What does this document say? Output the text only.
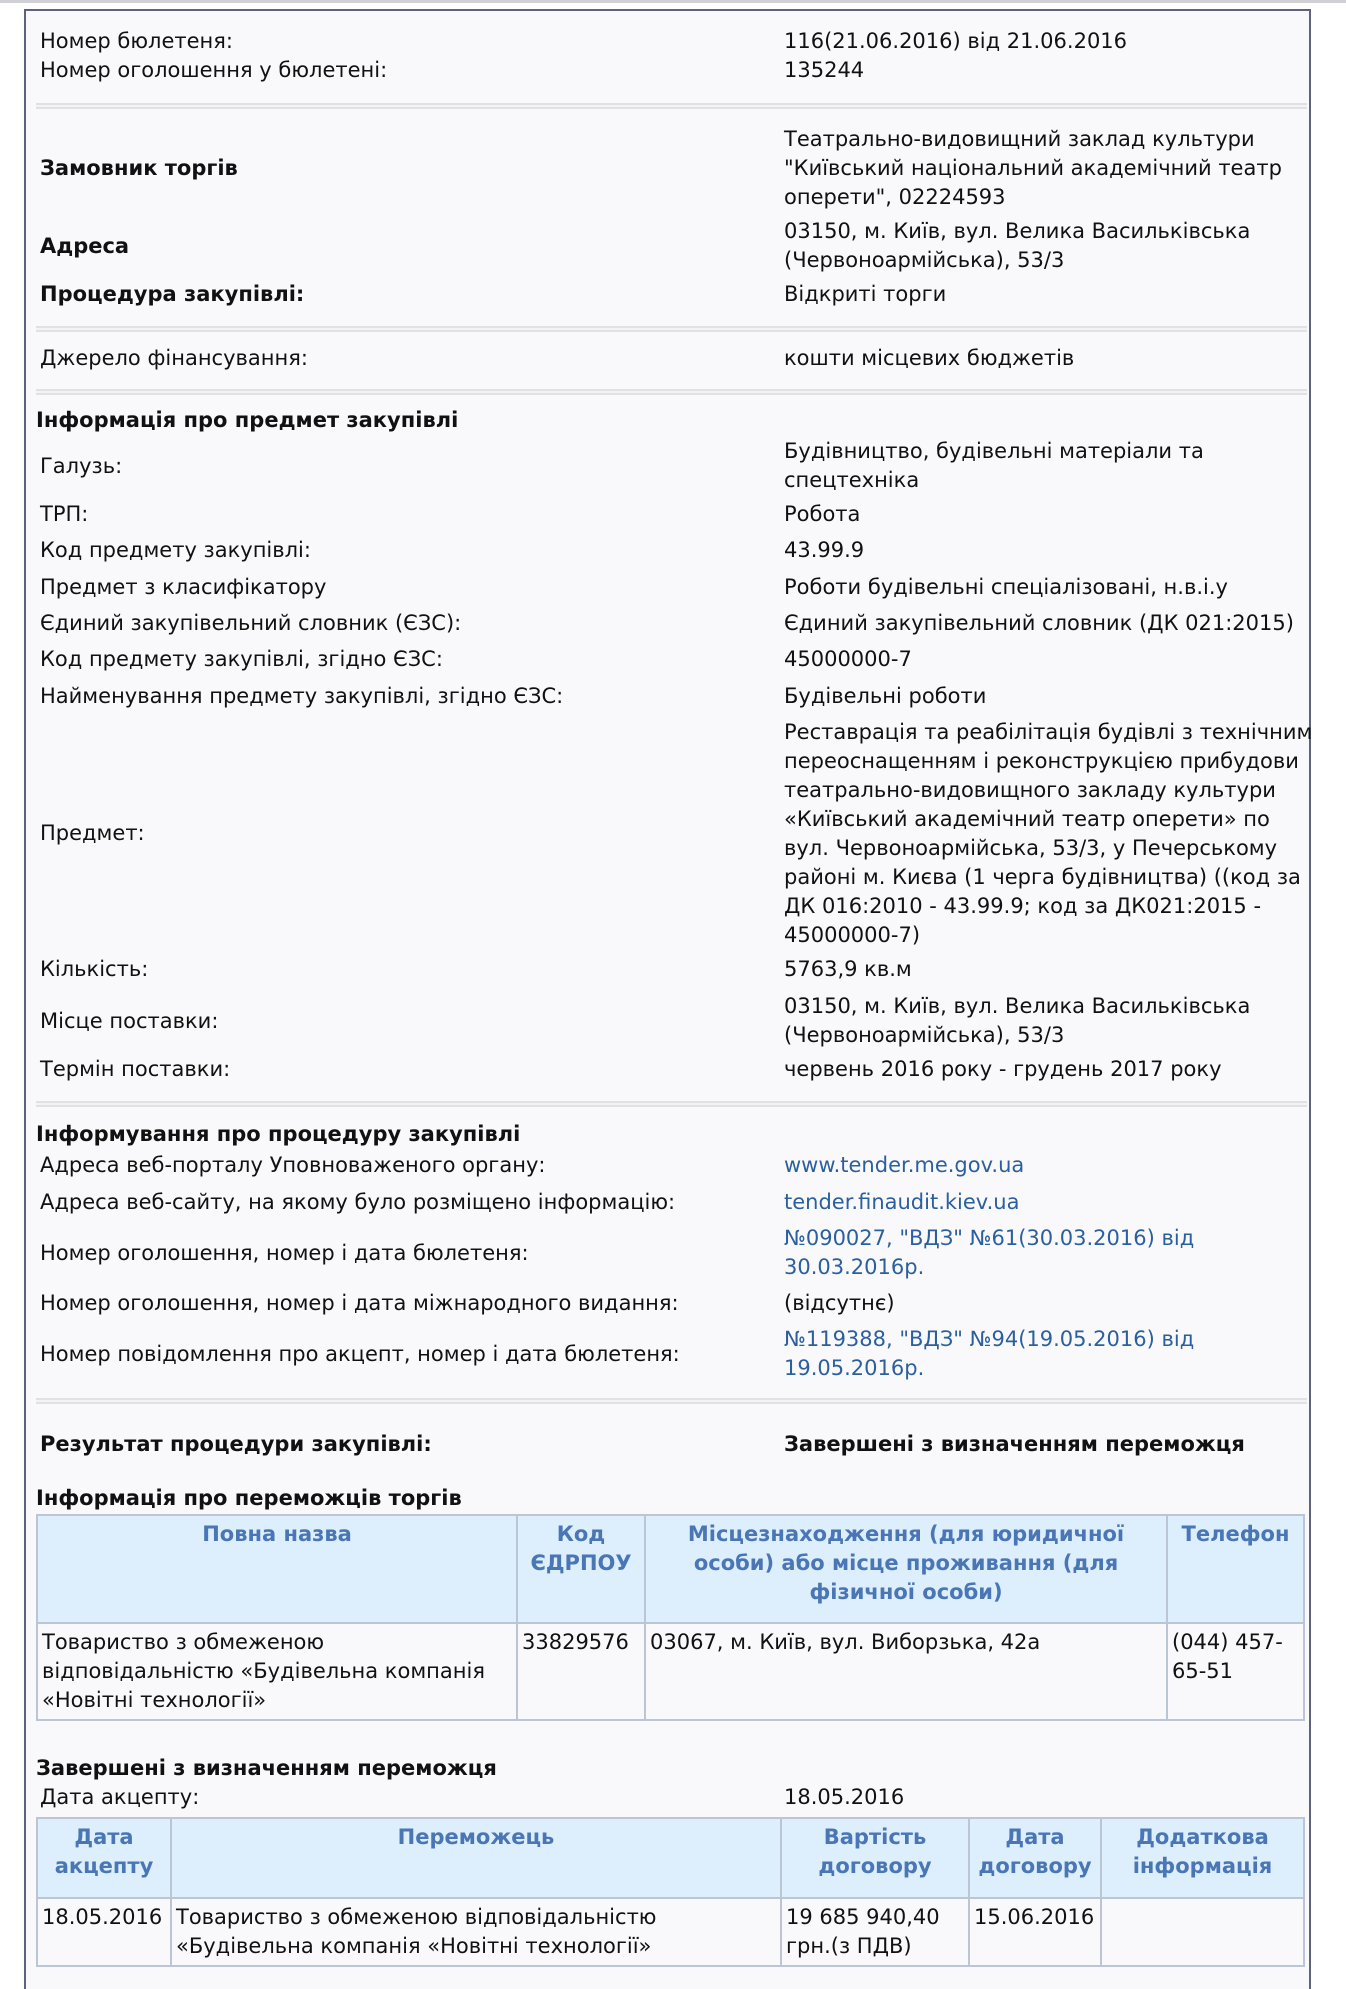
Номер бюлетеня:	116(21.06.2016) від 21.06.2016
Номер оголошення у бюлетені:	135244
Замовник торгів
Театрально-видовищний заклад культури "Київський національний академічний театр оперети", 02224593
Адреса
03150, м. Київ, вул. Велика Васильківська (Червоноармійська), 53/3
Процедура закупівлі:	Відкриті торги
Джерело фінансування:	кошти місцевих бюджетів
Інформація про предмет закупівлі
Галузь:
Будівництво, будівельні матеріали та спецтехніка
ТРП:	Робота
Код предмету закупівлі:	43.99.9
Предмет з класифікатору	Роботи будівельні спеціалізовані, н.в.і.у
Єдиний закупівельний словник (ЄЗС):	Єдиний закупівельний словник (ДК 021:2015)
Код предмету закупівлі, згідно ЄЗС:	45000000-7
Найменування предмету закупівлі, згідно ЄЗС:	Будівельні роботи
Предмет:
Реставрація та реабілітація будівлі з технічним переоснащенням і реконструкцією прибудови театрально-видовищного закладу культури «Київський академічний театр оперети» по вул. Червоноармійська, 53/3, у Печерському районі м. Києва (1 черга будівництва) ((код за ДК 016:2010 - 43.99.9; код за ДК021:2015 - 45000000-7)
Кількість:	5763,9 кв.м
Місце поставки:
03150, м. Київ, вул. Велика Васильківська (Червоноармійська), 53/3
Термін поставки:	червень 2016 року - грудень 2017 року
Інформування про процедуру закупівлі
Адреса веб-порталу Уповноваженого органу:	www.tender.me.gov.ua
Адреса веб-сайту, на якому було розміщено інформацію:	tender.finaudit.kiev.ua
Номер оголошення, номер і дата бюлетеня:
№090027, "ВДЗ" №61(30.03.2016) від 30.03.2016р.
Номер оголошення, номер і дата міжнародного видання:	(відсутнє)
Номер повідомлення про акцепт, номер і дата бюлетеня:
№119388, "ВДЗ" №94(19.05.2016) від 19.05.2016р.
Результат процедури закупівлі:	Завершені з визначенням переможця
Інформація про переможців торгів
Повна назва	Код ЄДРПОУ	Місцезнаходження (для юридичної особи) або місце проживання (для фізичної особи)	Телефон
Товариство з обмеженою відповідальністю «Будівельна компанія «Новітні технології»	33829576	03067, м. Київ, вул. Виборзька, 42а	(044) 457-65-51
Завершені з визначенням переможця
Дата акцепту:	18.05.2016
Дата акцепту	Переможець	Вартість договору	Дата договору	Додаткова інформація
18.05.2016	Товариство з обмеженою відповідальністю «Будівельна компанія «Новітні технології»	19 685 940,40 грн.(з ПДВ)	15.06.2016	
